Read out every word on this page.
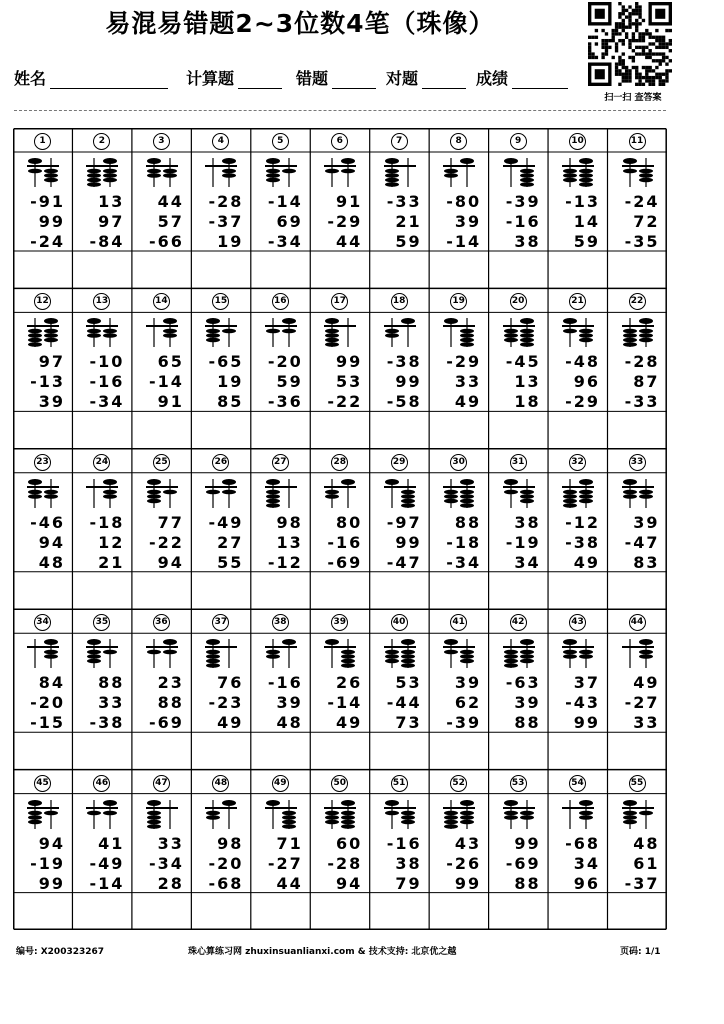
易混易错题2~3位数4笔（珠像）
扫一扫 查答案
姓名	计算题	错题	对题	成绩
1
-91
99
-24
2
13
97
-84
3
44
57
-66
4
-28
-37
19
5
-14
69
-34
6
91
-29
44
7
-33
21
59
8
-80
39
-14
9
-39
-16
38
10
-13
14
59
11
-24
72
-35
12
97
-13
39
13
-10
-16
-34
14
65
-14
91
15
-65
19
85
16
-20
59
-36
17
99
53
-22
18
-38
99
-58
19
-29
33
49
20
-45
13
18
21
-48
96
-29
22
-28
87
-33
23
-46
94
48
24
-18
12
21
25
77
-22
94
26
-49
27
55
27
98
13
-12
28
80
-16
-69
29
-97
99
-47
30
88
-18
-34
31
38
-19
34
32
-12
-38
49
33
39
-47
83
34
84
-20
-15
35
88
33
-38
36
23
88
-69
37
76
-23
49
38
-16
39
48
39
26
-14
49
40
53
-44
73
41
39
62
-39
42
-63
39
88
43
37
-43
99
44
49
-27
33
45
94
-19
99
46
41
-49
-14
47
33
-34
28
48
98
-20
-68
49
71
-27
44
50
60
-28
94
51
-16
38
79
52
43
-26
99
53
99
-69
88
54
-68
34
96
55
48
61
-37
编号: X200323267	珠心算练习网 zhuxinsuanlianxi.com & 技术支持: 北京优之越	页码: 1/1
